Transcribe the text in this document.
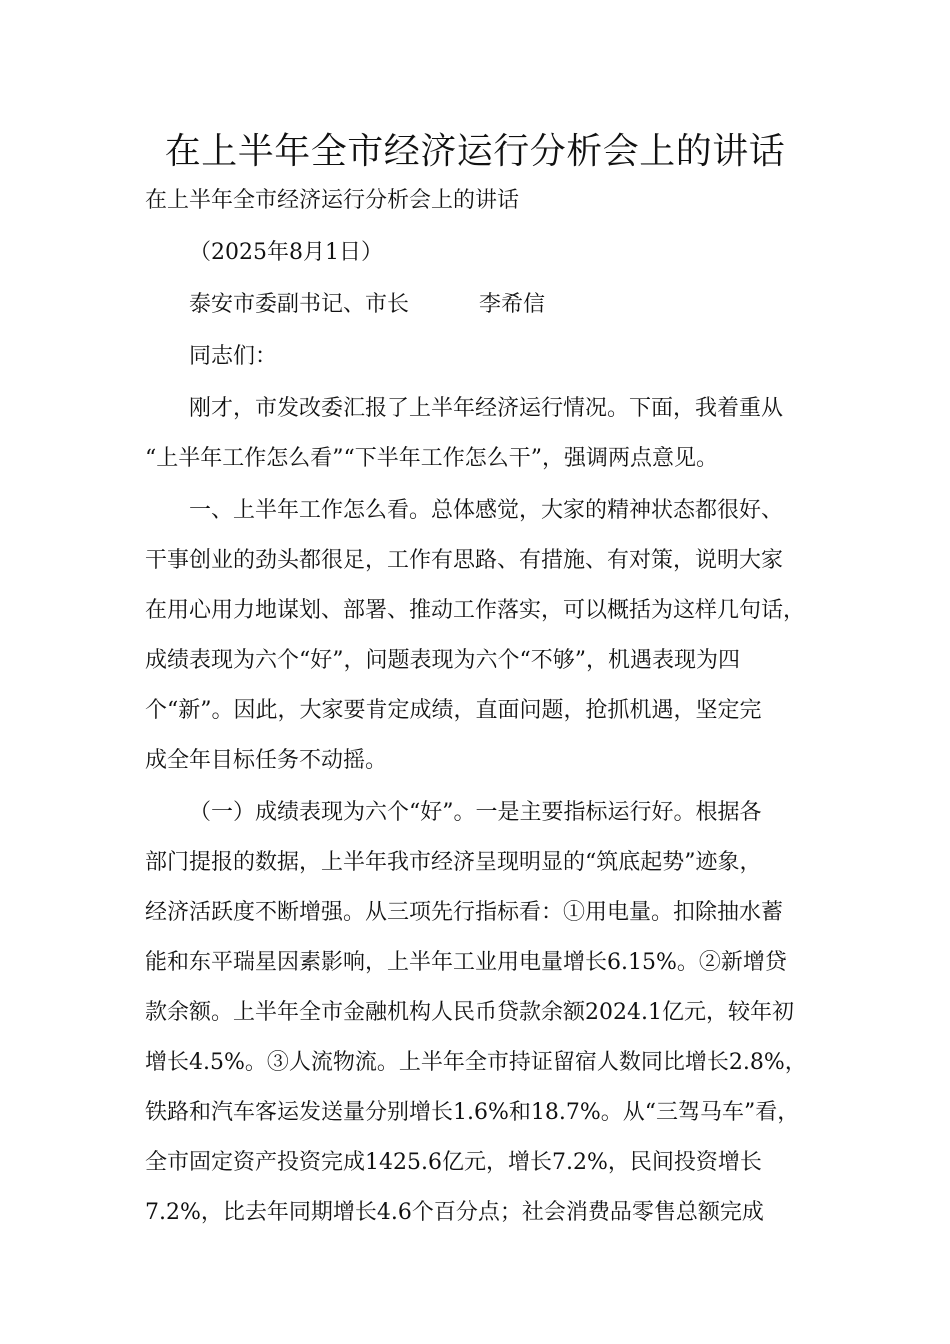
在上半年全市经济运行分析会上的讲话

在上半年全市经济运行分析会上的讲话

（2025年8月1日）

泰安市委副书记、市长	李希信

同志们：

刚才，市发改委汇报了上半年经济运行情况。下面，我着重从

“上半年工作怎么看”“下半年工作怎么干”，强调两点意见。

一、上半年工作怎么看。总体感觉，大家的精神状态都很好、

干事创业的劲头都很足，工作有思路、有措施、有对策，说明大家

在用心用力地谋划、部署、推动工作落实，可以概括为这样几句话，

成绩表现为六个“好”，问题表现为六个“不够”，机遇表现为四

个“新”。因此，大家要肯定成绩，直面问题，抢抓机遇，坚定完

成全年目标任务不动摇。

（一）成绩表现为六个“好”。一是主要指标运行好。根据各

部门提报的数据，上半年我市经济呈现明显的“筑底起势”迹象，

经济活跃度不断增强。从三项先行指标看：①用电量。扣除抽水蓄

能和东平瑞星因素影响，上半年工业用电量增长6.15%。②新增贷

款余额。上半年全市金融机构人民币贷款余额2024.1亿元，较年初

增长4.5%。③人流物流。上半年全市持证留宿人数同比增长2.8%，

铁路和汽车客运发送量分别增长1.6%和18.7%。从“三驾马车”看，

全市固定资产投资完成1425.6亿元，增长7.2%，民间投资增长

7.2%，比去年同期增长4.6个百分点；社会消费品零售总额完成
